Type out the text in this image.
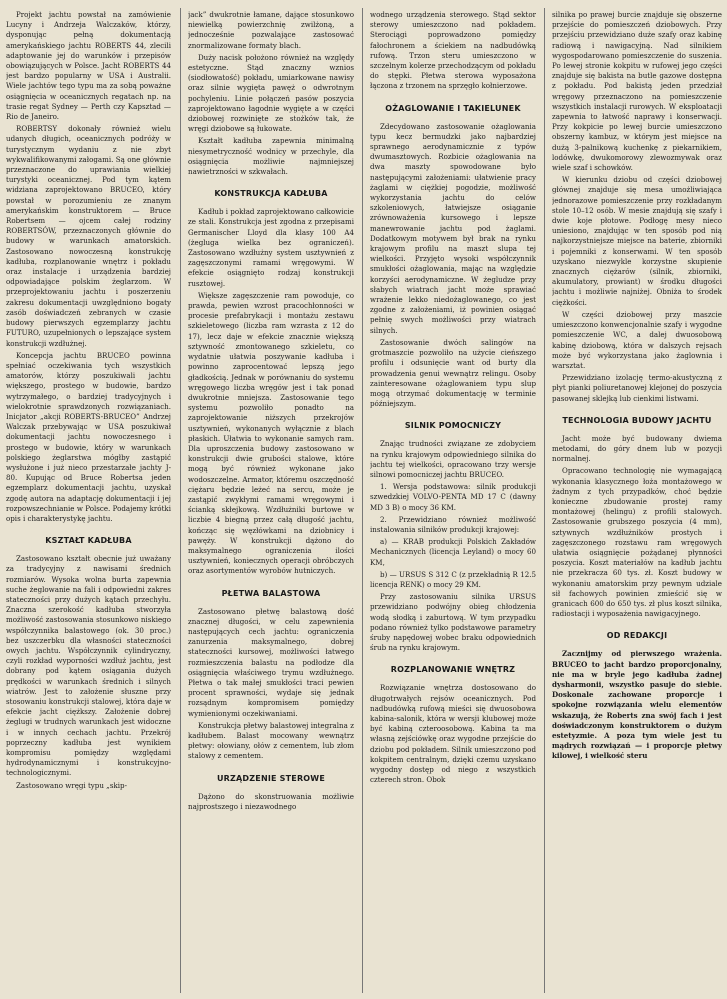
Projekt jachtu powstał na zamówienie Lucyny i Andrzeja Walczaków, którzy, dysponując pełną dokumentacją amerykańskiego jachtu ROBERTS 44, zlecili adaptowanie jej do warunków i przepisów obowiązujących w Polsce. Jacht ROBERTS 44 jest bardzo popularny w USA i Australii. Wiele jachtów tego typu ma za sobą poważne osiągnięcia w oceanicznych regatach np. na trasie regat Sydney — Perth czy Kapsztad — Rio de Janeiro.

ROBERTSY dokonały również wielu udanych długich, oceanicznych podróży w turystycznym wydaniu z nie zbyt wykwalifikowanymi załogami. Są one głównie przeznaczone do uprawiania wielkiej turystyki oceanicznej. Pod tym kątem widziana zaprojektowano BRUCEO, który powstał w porozumieniu ze znanym amerykańskim konstruktorem — Bruce Robertsem — ojcem całej rodziny ROBERTSÓW, przeznaczonych głównie do budowy w warunkach amatorskich. Zastosowano nowoczesną konstrukcję kadłuba, rozplanowanie wnętrz i pokładu oraz instalacje i urządzenia bardziej odpowiadające polskim żeglarzom. W przeprojektowaniu jachtu i poszerzeniu zakresu dokumentacji uwzględniono bogaty zasób doświadczeń zebranych w czasie budowy pierwszych egzemplarzy jachtu FUTURO, uzupełnionych o lepszające system konstrukcji wzdłużnej.

Koncepcja jachtu BRUCEO powinna spełniać oczekiwania tych wszystkich amatorów, którzy poszukiwali jachtu większego, prostego w budowie, bardzo wytrzymałego, o bardziej tradycyjnych i wielokrotnie sprawdzonych rozwiązaniach. Inicjator „akcji ROBERTS-BRUCEO” Andrzej Walczak przebywając w USA poszukiwał dokumentacji jachtu nowoczesnego i prostego w budowie, który w warunkach polskiego żeglarstwa mógłby zastąpić wysłużone i już nieco przestarzałe jachty J-80. Kupując od Bruce Robertsa jeden egzemplarz dokumentacji jachtu, uzyskał zgodę autora na adaptację dokumentacji i jej rozpowszechnianie w Polsce. Podajemy krótki opis i charakterystykę jachtu.

KSZTAŁT KADŁUBA

Zastosowano kształt obecnie już uważany za tradycyjny z nawisami średnich rozmiarów. Wysoka wolna burta zapewnia suche żeglowanie na fali i odpowiedni zakres stateczności przy dużych kątach przechyłu. Znaczna szerokość kadłuba stworzyła możliwość zastosowania stosunkowo niskiego współczynnika balastowego (ok. 30 proc.) bez uszczerbku dla własności stateczności owych jachtu. Współczynnik cylindryczny, czyli rozkład wyporności wzdłuż jachtu, jest dobrany pod kątem osiągania dużych prędkości w warunkach średnich i silnych wiatrów. Jest to założenie słuszne przy stosowaniu konstrukcji stalowej, która daje w efekcie jacht ciężkszy. Założenie dobrej żeglugi w trudnych warunkach jest widoczne i w innych cechach jachtu. Przekrój poprzeczny kadłuba jest wynikiem kompromisu pomiędzy względami hydrodynamicznymi i konstrukcyjno-technologicznymi.

Zastosowano wręgi typu „skip-

jack” dwukrotnie łamane, dające stosunkowo niewielką powierzchnię zwilżoną, a jednocześnie pozwalające zastosować znormalizowane formaty blach.

Duży nacisk położono również na względy estetyczne. Stąd znaczny wznios (siodłowatość) pokładu, umiarkowane nawisy oraz silnie wygięta pawęż o odwrotnym pochyleniu. Linie połączeń pasów poszycia zaprojektowano łagodnie wygięte a w części dziobowej rozwinięte ze stożków tak, że wręgi dziobowe są łukowate.

Kształt kadłuba zapewnia minimalną niesymetryczność wodnicy w przechyle, dla osiągnięcia możliwie najmniejszej nawietrzności w szkwałach.

KONSTRUKCJA KADŁUBA

Kadłub i pokład zaprojektowano całkowicie ze stali. Konstrukcja jest zgodna z przepisami Germanischer Lloyd dla klasy 100 A4 (żegluga wielka bez ograniczeń). Zastosowano wzdłużny system usztywnień z zagęszczonymi ramami wręgowymi. W efekcie osiągnięto rodzaj konstrukcji rusztowej.

Większe zagęszczenie ram powoduje, co prawda, pewien wzrost pracochłonności w procesie prefabrykacji i montażu zestawu szkieletowego (liczba ram wzrasta z 12 do 17), lecz daje w efekcie znacznie większą sztywność zmontowanego szkieletu, co wydatnie ułatwia poszywanie kadłuba i powinno zaprocentować lepszą jego gładkością. Jednak w porównaniu do systemu wręgowego liczba wręgów jest i tak ponad dwukrotnie mniejsza. Zastosowanie tego systemu pozwoliło ponadto na zaprojektowanie niższych przekrojów usztywnień, wykonanych wyłącznie z blach płaskich. Ułatwia to wykonanie samych ram. Dla uproszczenia budowy zastosowano w konstrukcji dwie grubości stalowe, które mogą być również wykonane jako wodoszczelne. Armator, któremu oszczędność ciężaru będzie leżeć na sercu, może je zastąpić zwykłymi ramami wręgowymi i ścianką skłejkową. Wzdłużniki burtowe w liczbie 4 biegną przez całą długość jachtu, kończąc się węzłówkami na dziobnicy i pawęży. W konstrukcji dążono do maksymalnego ograniczenia ilości usztywnień, koniecznych operacji obróbczych oraz asortymentów wyrobów hutniczych.

PŁETWA BALASTOWA

Zastosowano płetwę balastową dość znacznej długości, w celu zapewnienia następujących cech jachtu: ograniczenia zanurzenia maksymalnego, dobrej stateczności kursowej, możliwości łatwego rozmieszczenia balastu na podłodze dla osiągnięcia właściwego trymu wzdłużnego. Płetwa o tak małej smukłości traci pewien procent sprawności, wydaje się jednak rozsądnym kompromisem pomiędzy wymienionymi oczekiwaniami.

Konstrukcja płetwy balastowej integralna z kadłubem. Balast mocowany wewnątrz płetwy: ołowiany, ołów z cementem, lub złom stalowy z cementem.

URZĄDZENIE STEROWE

Dążono do skonstruowania możliwie najprostszego i niezawodnego

wodnego urządzenia sterowego. Stąd sektor sterowy umieszczono nad pokładem. Sterociągi poprowadzono pomiędzy fałochronem a ściekiem na nadbudówką rufową. Trzon steru umieszczono w szczelnym kolerze przechodzącym od pokładu do stępki. Płetwa sterowa wyposażona łączona z trzonem na sprzęgło kołnierzowe.

OŻAGLOWANIE I TAKIELUNEK

Zdecydowano zastosowanie ożaglowania typu kecz bermudzki jako najbardziej sprawnego aerodynamicznie z typów dwumasztowych. Rozbicie ożaglowania na dwa maszty spowodowane było następującymi założeniami: ułatwienie pracy żaglami w ciężkiej pogodzie, możliwość wykorzystania jachtu do celów szkoleniowych, łatwiejsze osiąganie zrównoważenia kursowego i lepsze manewrowanie jachtu pod żaglami. Dodatkowym motywem był brak na rynku krajowym profilu na maszt slupa tej wielkości. Przyjęto wysoki współczynnik smukłości ożaglowania, mając na względzie korzyści aerodynamiczne. W żegludze przy słabych wiatrach jacht może sprawiać wrażenie lekko niedożaglowanego, co jest zgodne z założeniami, iż powinien osiągać pełnię swych możliwości przy wiatrach silnych.

Zastosowanie dwóch salingów na grotmaszcie pozwoliło na użycie cieńszego profilu i odsunięcie want od burty dla prowadzenia genui wewnątrz relingu. Osoby zainteresowane ożaglowaniem typu slup mogą otrzymać dokumentację w terminie późniejszym.

SILNIK POMOCNICZY

Znając trudności związane ze zdobyciem na rynku krajowym odpowiedniego silnika do jachtu tej wielkości, opracowano trzy wersje silnowi pomocniczej jachtu BRUCEO.

1. Wersja podstawowa: silnik produkcji szwedzkiej VOLVO-PENTA MD 17 C (dawny MD 3 B) o mocy 36 KM.

2. Przewidziano również możliwość instalowania silników produkcji krajowej:

a) — KRAB produkcji Polskich Zakładów Mechanicznych (licencja Leyland) o mocy 60 KM,

b) — URSUS S 312 C (z przekładnią R 12.5 licencja RENK) o mocy 29 KM.

Przy zastosowaniu silnika URSUS przewidziano podwójny obieg chłodzenia wodą słodką i zaburtową. W tym przypadku podano również tylko podstawowe parametry śruby napędowej wobec braku odpowiednich śrub na rynku krajowym.

ROZPLANOWANIE WNĘTRZ

Rozwiązanie wnętrza dostosowano do długotrwałych rejsów oceanicznych. Pod nadbudówką rufową mieści się dwuosobowa kabina-salonik, która w wersji klubowej może być kabiną czteroosobową. Kabina ta ma własną zejściówkę oraz wygodne przejście do dziobu pod pokładem. Silnik umieszczono pod kokpitem centralnym, dzięki czemu uzyskano wygodny dostęp od niego z wszystkich czterech stron. Obok

silnika po prawej burcie znajduje się obszerne przejście do pomieszczeń dziobowych. Przy przejściu przewidziano duże szafy oraz kabinę radiową i nawigacyjną. Nad silnikiem wygospodarowano pomieszczenie do suszenia. Po lewej stronie kokpitu w rufowej jego części znajduje się bakista na butle gazowe dostępna z pokładu. Pod bakistą jeden przedział wręgowy przeznaczono na pomieszczenie wszystkich instalacji rurowych. W eksploatacji zapewnia to łatwość naprawy i konserwacji. Przy kokpicie po lewej burcie umieszczono obszerny kambuz, w którym jest miejsce na dużą 3-palnikową kuchenkę z piekarnikiem, lodówkę, dwukomorowy zlewozmywak oraz wiele szaf i schowków.

W kierunku dziobu od części dziobowej głównej znajduje się mesa umożliwiająca jednorazowe pomieszczenie przy rozkładanym stole 10–12 osób. W mesie znajdują się szafy i dwie koje płotowe. Podłogę mesy nieco uniesiono, znajdując w ten sposób pod nią najkorzystniejsze miejsce na baterie, zbiorniki i pojemniki z konserwami. W ten sposób uzyskano niezwykle korzystne skupienie znacznych ciężarów (silnik, zbiorniki, akumulatory, prowiant) w środku długości jachtu i możliwie najniżej. Obniża to środek ciężkości.

W części dziobowej przy maszcie umieszczono konwencjonalnie szafy i wygodne pomieszczenie WC, a dalej dwuosobową kabinę dziobową, która w dalszych rejsach może być wykorzystana jako żaglownia i warsztat.

Przewidziano izolację termo-akustyczną z płyt pianki poliuretanowej klejonej do poszycia pasowanej sklejką lub cienkimi listwami.

TECHNOLOGIA BUDOWY JACHTU

Jacht może być budowany dwiema metodami, do góry dnem lub w pozycji normalnej.

Opracowano technologię nie wymagającą wykonania klasycznego łoża montażowego w żadnym z tych przypadków, choć będzie konieczne zbudowanie prostej ramy montażowej (helingu) z profili stalowych. Zastosowanie grubszego poszycia (4 mm), sztywnych wzdłużników prostych i zagęszczonego rozstawu ram wręgowych ułatwia osiągnięcie pożądanej płynności poszycia. Koszt materiałów na kadłub jachtu nie przekracza 60 tys. zł. Koszt budowy w wykonaniu amatorskim przy pewnym udziale sił fachowych powinien zmieścić się w granicach 600 do 650 tys. zł plus koszt silnika, radiostacji i wyposażenia nawigacyjnego.

OD REDAKCJI

Zacznijmy od pierwszego wrażenia. BRUCEO to jacht bardzo proporcjonalny, nie ma w bryle jego kadłuba żadnej dysharmonii, wszystko pasuje do siebie. Doskonale zachowane proporcje i spokojne rozwiązania wielu elementów wskazują, że Roberts zna swój fach i jest doświadczonym konstruktorem o dużym estetyzmie. A poza tym wiele jest tu mądrych rozwiązań — i proporcje płetwy kilowej, i wielkość steru
